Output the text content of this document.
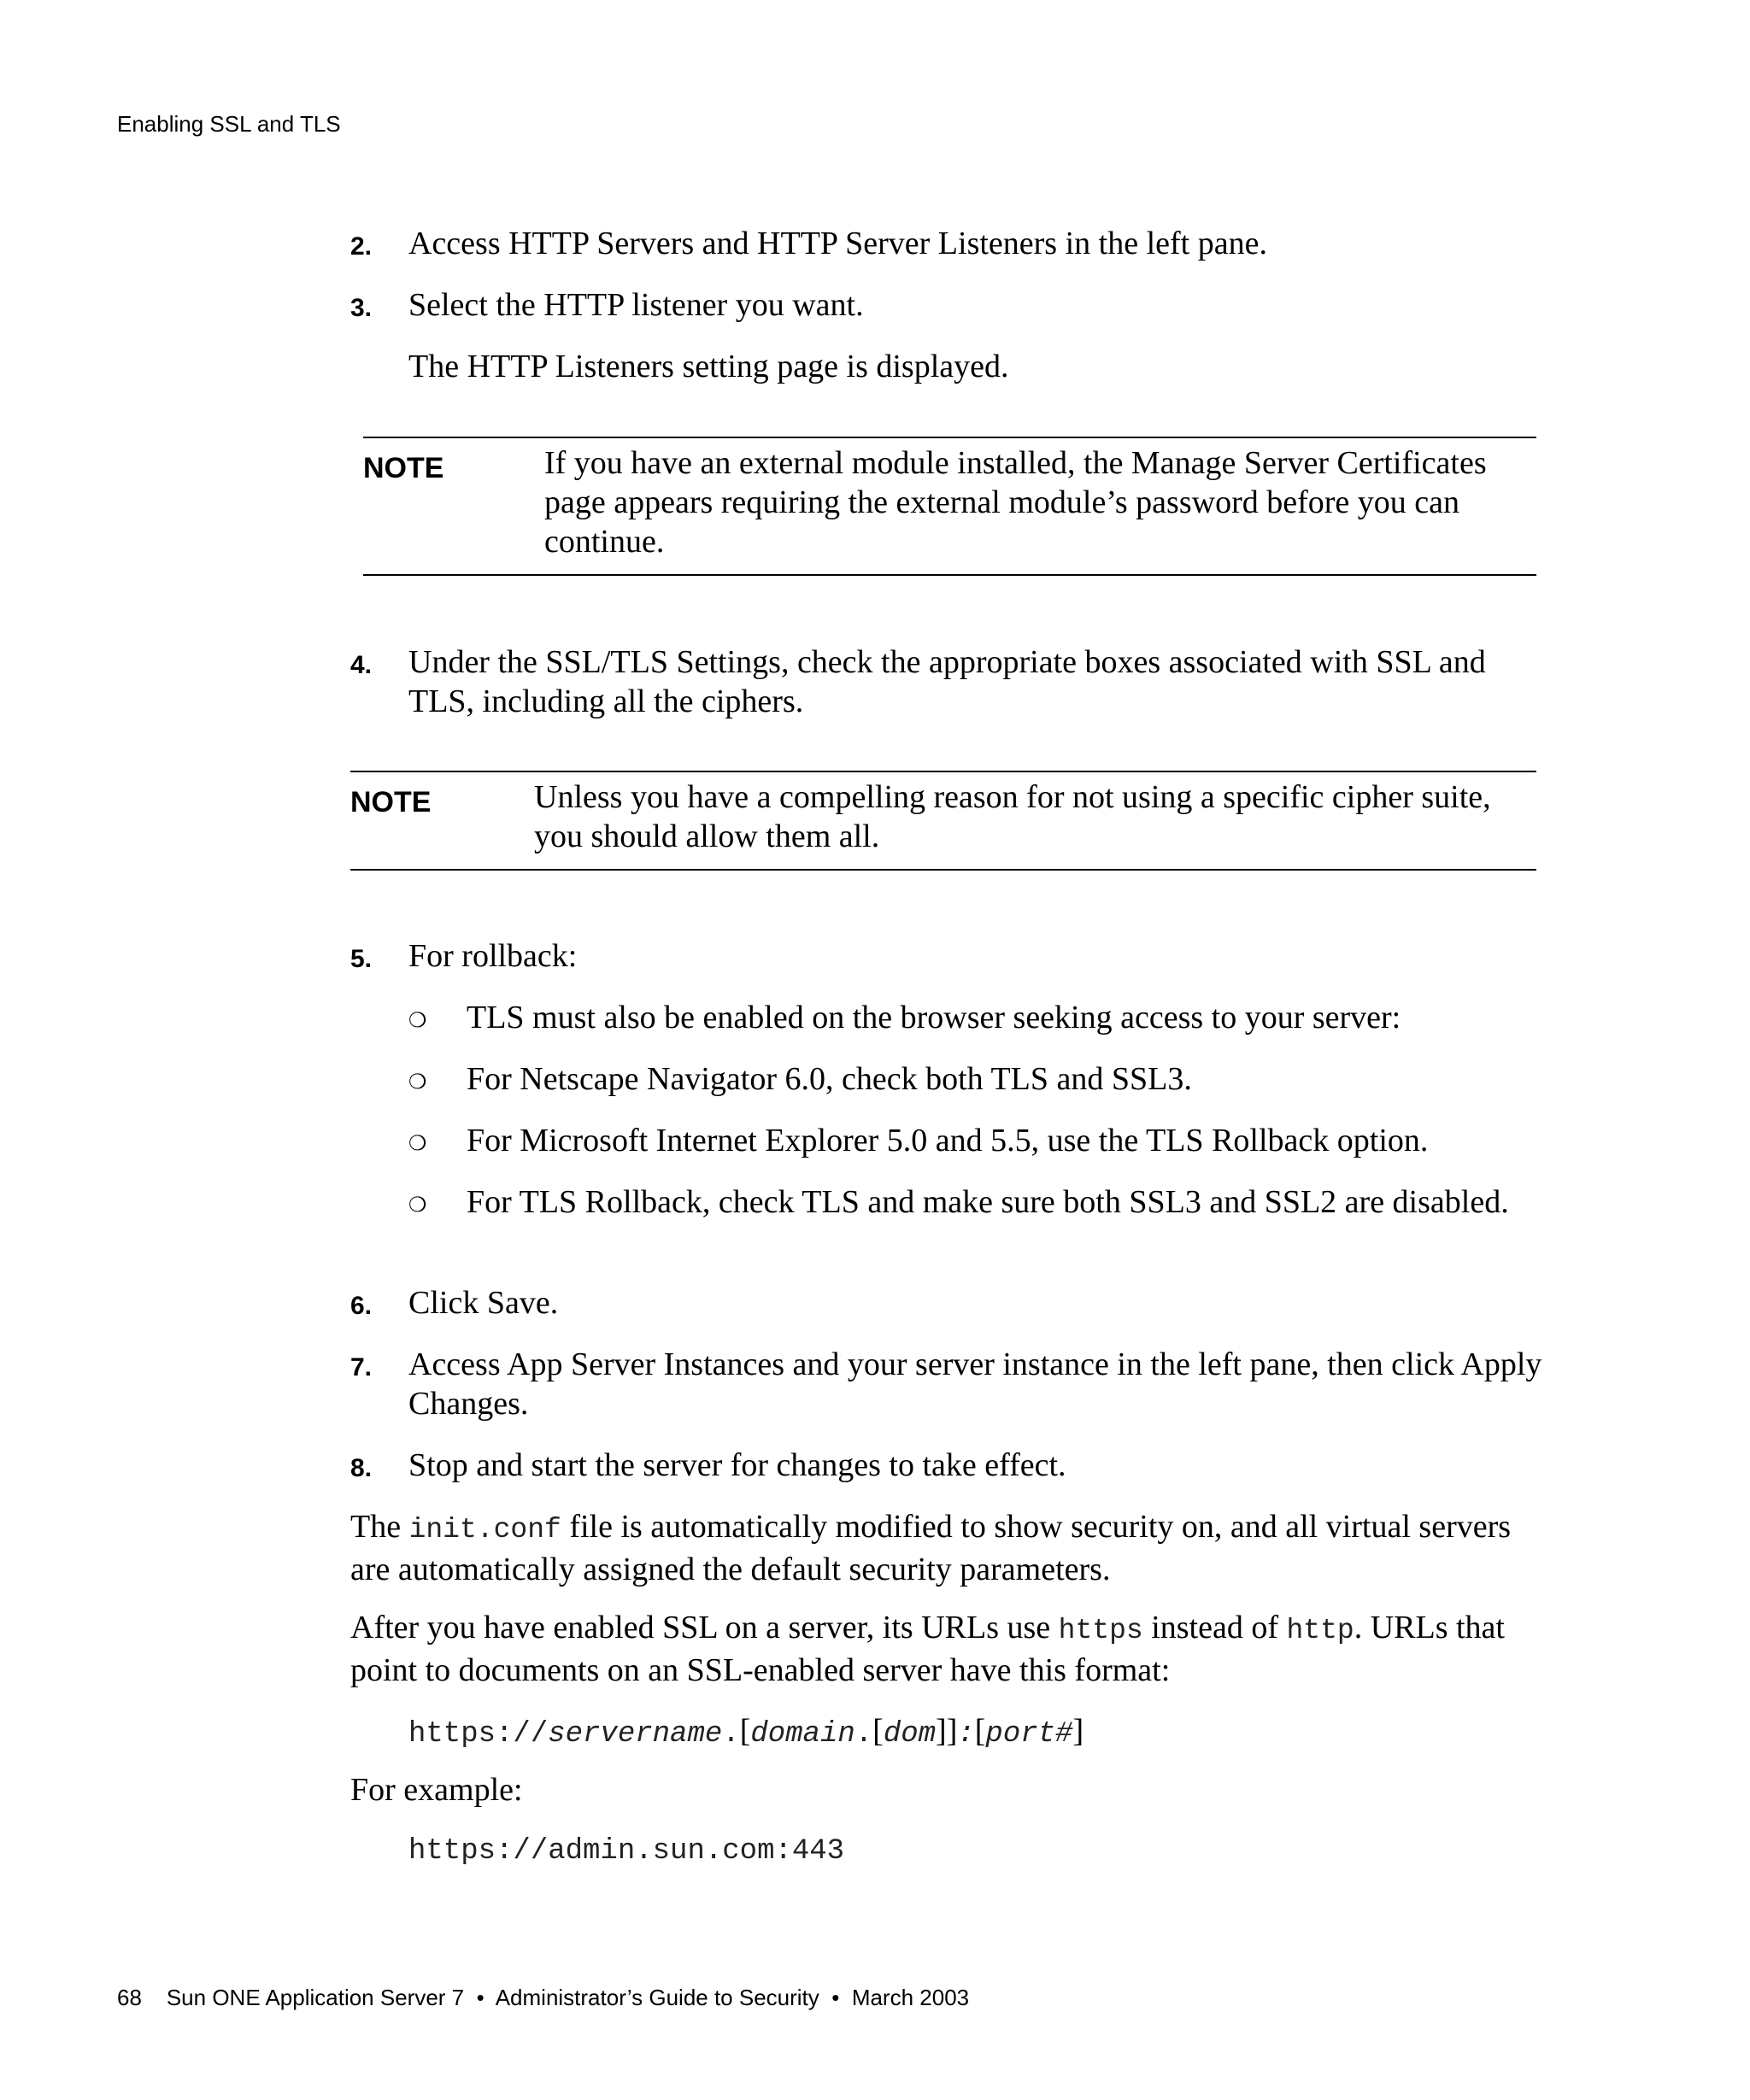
Enabling SSL and TLS
2. Access HTTP Servers and HTTP Server Listeners in the left pane.
3. Select the HTTP listener you want.
The HTTP Listeners setting page is displayed.
NOTE	If you have an external module installed, the Manage Server Certificates page appears requiring the external module’s password before you can continue.
4. Under the SSL/TLS Settings, check the appropriate boxes associated with SSL and TLS, including all the ciphers.
NOTE	Unless you have a compelling reason for not using a specific cipher suite, you should allow them all.
5. For rollback:
❍ TLS must also be enabled on the browser seeking access to your server:
❍ For Netscape Navigator 6.0, check both TLS and SSL3.
❍ For Microsoft Internet Explorer 5.0 and 5.5, use the TLS Rollback option.
❍ For TLS Rollback, check TLS and make sure both SSL3 and SSL2 are disabled.
6. Click Save.
7. Access App Server Instances and your server instance in the left pane, then click Apply Changes.
8. Stop and start the server for changes to take effect.
The init.conf file is automatically modified to show security on, and all virtual servers are automatically assigned the default security parameters.
After you have enabled SSL on a server, its URLs use https instead of http. URLs that point to documents on an SSL-enabled server have this format:
https://servername.[domain.[dom]]:[port#]
For example:
https://admin.sun.com:443
68 Sun ONE Application Server 7 • Administrator’s Guide to Security • March 2003
